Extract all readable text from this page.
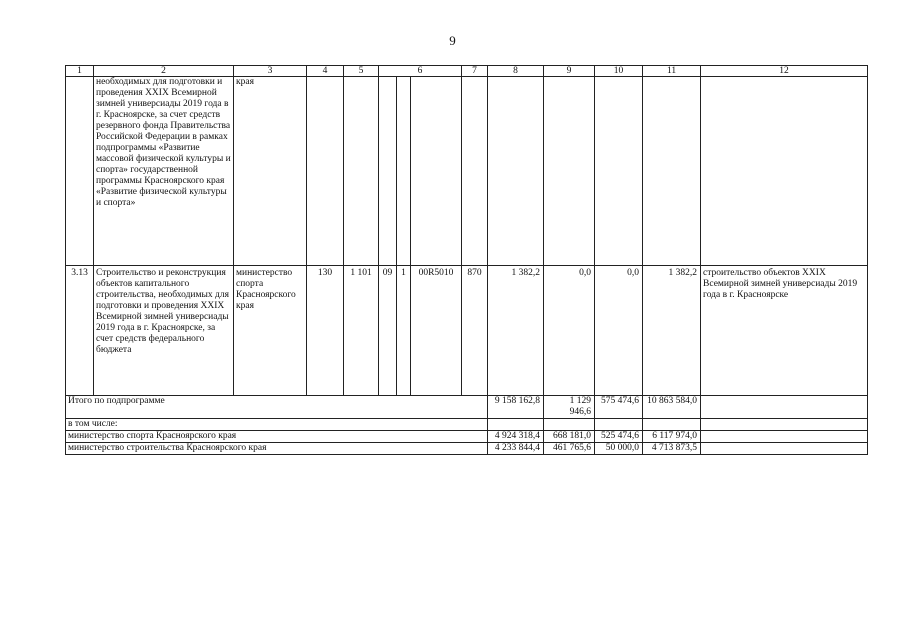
9
1	2	3	4	5	6			7	8	9	10	11	12
	необходимых для подготовки и проведения XXIX Всемирной зимней универсиады 2019 года в г. Красноярске, за счет средств резервного фонда Правительства Российской Федерации в рамках подпрограммы «Развитие массовой физической культуры и спорта» государственной программы Красноярского края «Развитие физической культуры и спорта»	края											
3.13	Строительство и реконструкция объектов капитального строительства, необходимых для подготовки и проведения XXIX Всемирной зимней универсиады 2019 года в г. Красноярске, за счет средств федерального бюджета	министерство спорта Красноярского края	130	1 101	09	1	00R5010	870	1 382,2	0,0	0,0	1 382,2	строительство объектов XXIX Всемирной зимней универсиады 2019 года в г. Красноярске
Итого по подпрограмме									9 158 162,8	1 129 946,6	575 474,6	10 863 584,0	
в том числе:													
министерство спорта Красноярского края									4 924 318,4	668 181,0	525 474,6	6 117 974,0	
министерство строительства Красноярского края									4 233 844,4	461 765,6	50 000,0	4 713 873,5	
